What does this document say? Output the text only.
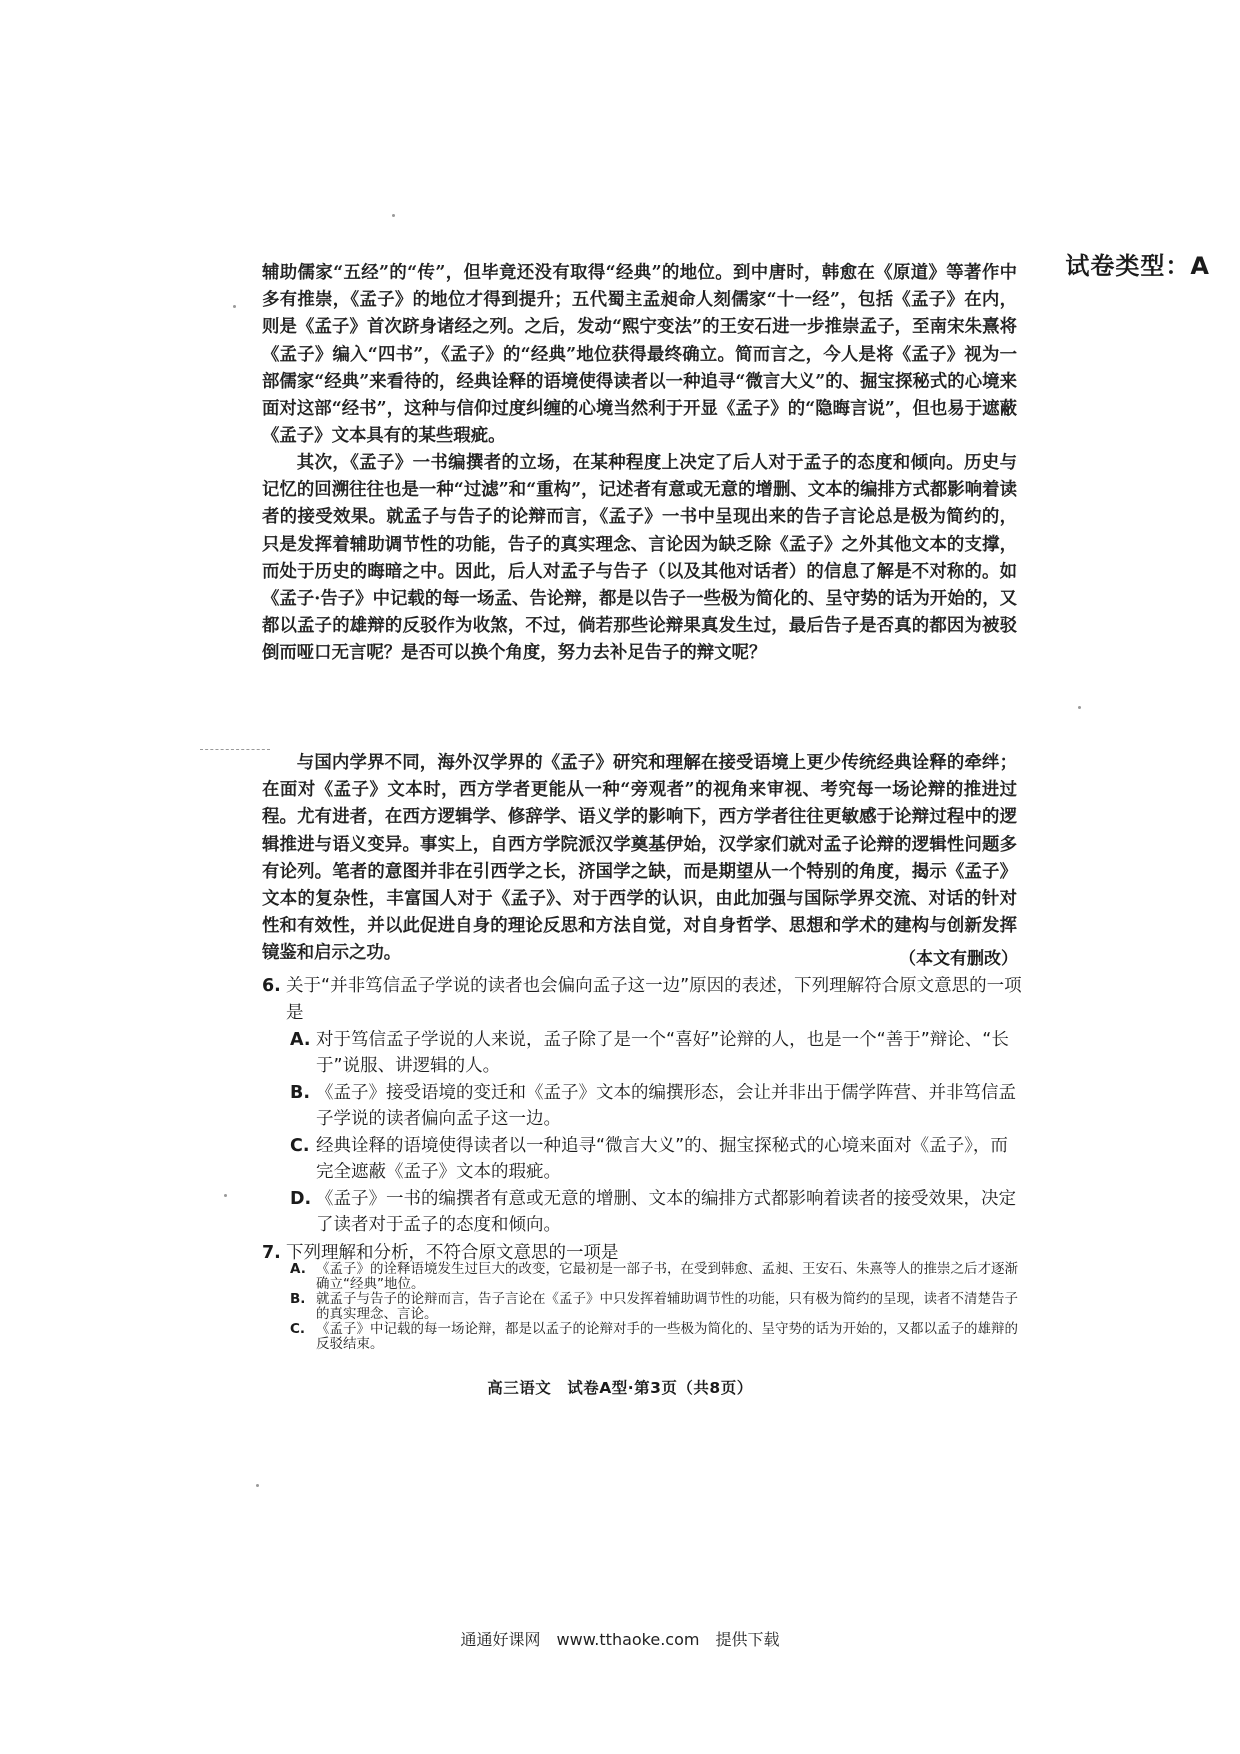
试卷类型：A

辅助儒家“五经”的“传”，但毕竟还没有取得“经典”的地位。到中唐时，韩愈在《原道》等著作中多有推崇，《孟子》的地位才得到提升；五代蜀主孟昶命人刻儒家“十一经”，包括《孟子》在内，则是《孟子》首次跻身诸经之列。之后，发动“熙宁变法”的王安石进一步推崇孟子，至南宋朱熹将《孟子》编入“四书”，《孟子》的“经典”地位获得最终确立。简而言之，今人是将《孟子》视为一部儒家“经典”来看待的，经典诠释的语境使得读者以一种追寻“微言大义”的、掘宝探秘式的心境来面对这部“经书”，这种与信仰过度纠缠的心境当然利于开显《孟子》的“隐晦言说”，但也易于遮蔽《孟子》文本具有的某些瑕疵。

其次，《孟子》一书编撰者的立场，在某种程度上决定了后人对于孟子的态度和倾向。历史与记忆的回溯往往也是一种“过滤”和“重构”，记述者有意或无意的增删、文本的编排方式都影响着读者的接受效果。就孟子与告子的论辩而言，《孟子》一书中呈现出来的告子言论总是极为简约的，只是发挥着辅助调节性的功能，告子的真实理念、言论因为缺乏除《孟子》之外其他文本的支撑，而处于历史的晦暗之中。因此，后人对孟子与告子（以及其他对话者）的信息了解是不对称的。如《孟子·告子》中记载的每一场孟、告论辩，都是以告子一些极为简化的、呈守势的话为开始的，又都以孟子的雄辩的反驳作为收煞，不过，倘若那些论辩果真发生过，最后告子是否真的都因为被驳倒而哑口无言呢？是否可以换个角度，努力去补足告子的辩文呢？

与国内学界不同，海外汉学界的《孟子》研究和理解在接受语境上更少传统经典诠释的牵绊；在面对《孟子》文本时，西方学者更能从一种“旁观者”的视角来审视、考究每一场论辩的推进过程。尤有进者，在西方逻辑学、修辞学、语义学的影响下，西方学者往往更敏感于论辩过程中的逻辑推进与语义变异。事实上，自西方学院派汉学奠基伊始，汉学家们就对孟子论辩的逻辑性问题多有论列。笔者的意图并非在引西学之长，济国学之缺，而是期望从一个特别的角度，揭示《孟子》文本的复杂性，丰富国人对于《孟子》、对于西学的认识，由此加强与国际学界交流、对话的针对性和有效性，并以此促进自身的理论反思和方法自觉，对自身哲学、思想和学术的建构与创新发挥镜鉴和启示之功。	（本文有删改）
6. 关于“并非笃信孟子学说的读者也会偏向孟子这一边”原因的表述，下列理解符合原文意思的一项是
A. 对于笃信孟子学说的人来说，孟子除了是一个“喜好”论辩的人，也是一个“善于”辩论、“长于”说服、讲逻辑的人。
B. 《孟子》接受语境的变迁和《孟子》文本的编撰形态，会让并非出于儒学阵营、并非笃信孟子学说的读者偏向孟子这一边。
C. 经典诠释的语境使得读者以一种追寻“微言大义”的、掘宝探秘式的心境来面对《孟子》，而完全遮蔽《孟子》文本的瑕疵。
D. 《孟子》一书的编撰者有意或无意的增删、文本的编排方式都影响着读者的接受效果，决定了读者对于孟子的态度和倾向。
7. 下列理解和分析，不符合原文意思的一项是
A. 《孟子》的诠释语境发生过巨大的改变，它最初是一部子书，在受到韩愈、孟昶、王安石、朱熹等人的推崇之后才逐渐确立“经典”地位。
B. 就孟子与告子的论辩而言，告子言论在《孟子》中只发挥着辅助调节性的功能，只有极为简约的呈现，读者不清楚告子的真实理念、言论。
高三语文　试卷A型·第3页（共8页）
通通好课网　www.tthaoke.com　提供下载
C. 《孟子》中记载的每一场论辩，都是以孟子的论辩对手的一些极为简化的、呈守势的话为开始的，又都以孟子的雄辩的反驳结束。
